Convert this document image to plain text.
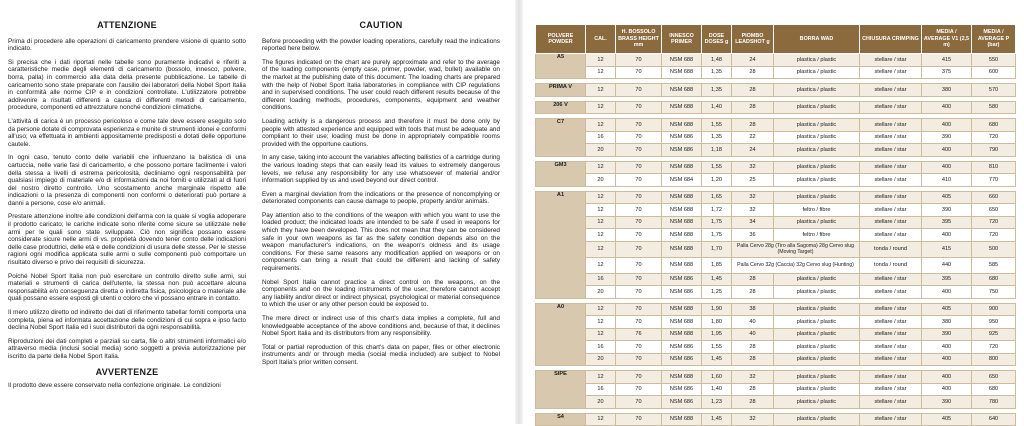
ATTENZIONE

Prima di procedere alle operazioni di caricamento prendere visione di quanto sotto indicato.

Si precisa che i dati riportati nelle tabelle sono puramente indicativi e riferiti a caratteristiche medie degli elementi di caricamento (bossolo, innesco, polvere, borra, palla) in commercio alla data della presente pubblicazione. Le tabelle di caricamento sono state preparate con l'ausilio dei laboratori della Nobel Sport Italia in conformità alle norme CIP e in condizioni controllate. L'utilizzatore potrebbe addivenire a risultati differenti a causa di differenti metodi di caricamento, procedure, componenti ed attrezzature nonché condizioni climatiche.

L'attività di carica è un processo pericoloso e come tale deve essere eseguito solo da persone dotate di comprovata esperienza e munite di strumenti idonei e conformi all'uso; va effettuata in ambienti appositamente predisposti e dotati delle opportune cautele.

In ogni caso, tenuto conto delle variabili che influenzano la balistica di una cartuccia, nelle varie fasi di caricamento, e che possono portare facilmente i valori della stessa a livelli di estrema pericolosità, decliniamo ogni responsabilità per qualsiasi impiego di materiale e/o di informazioni da noi forniti e utilizzati al di fuori del nostro diretto controllo. Uno scostamento anche marginale rispetto alle indicazioni o la presenza di componenti non conformi o deteriorati può portare a danni a persone, cose e/o animali.

Prestare attenzione inoltre alle condizioni dell'arma con la quale si voglia adoperare il prodotto caricato; le cariche indicate sono riferite come sicure se utilizzate nelle armi per le quali sono state sviluppate. Ciò non significa possano essere considerate sicure nelle armi di vs. proprietà dovendo tener conto delle indicazioni delle case produttrici, delle età e delle condizioni di usura delle stesse. Per le stesse ragioni ogni modifica applicata sulle armi o sulle componenti può comportare un risultato diverso e privo dei requisiti di sicurezza.

Poiché Nobel Sport Italia non può esercitare un controllo diretto sulle armi, sui materiali e strumenti di carica dell'utente, la stessa non può accettare alcuna responsabilità e/o conseguenza diretta o indiretta fisica, psicologica o materiale alle quali possano essere esposti gli utenti o coloro che vi possano entrare in contatto.

Il mero utilizzo diretto od indiretto dei dati di riferimento tabellar forniti comporta una completa, piena ed informata accettazione delle condizioni di cui sopra e ipso facto declina Nobel Sport Italia ed i suoi distributori da ogni responsabilità.

Riproduzioni dei dati completi e parziali su carta, file o altri strumenti informatici e/o attraverso media (inclusi social media) sono soggetti a previa autorizzazione per iscritto da parte della Nobel Sport Italia.

AVVERTENZE

Il prodotto deve essere conservato nella confezione originale. Le condizioni

CAUTION

Before proceeding with the powder loading operations, carefully read the indications reported here below.

The figures indicated on the chart are purely approximate and refer to the average of the loading components (empty case, primer, powder, wad, bullet) available on the market at the publishing date of this document. The loading charts are prepared with the help of Nobel Sport Italia laboratories in compliance with CIP regulations and in supervised conditions. The user could reach different results because of the different loading methods, procedures, components, equipment and weather conditions.

Loading activity is a dangerous process and therefore it must be done only by people with attested experience and equipped with tools that must be adequate and compliant to their use; loading must be done in appropriately compatible rooms provided with the opportune cautions.

In any case, taking into account the variables affecting ballistics of a cartridge during the various loading steps that can easily lead its values to extremely dangerous levels, we refuse any responsibility for any use whatsoever of material and/or information supplied by us and used beyond our direct control.

Even a marginal deviation from the indications or the presence of noncomplying or deteriorated components can cause damage to people, property and/or animals.

Pay attention also to the conditions of the weapon with which you want to use the loaded product; the indicated loads are intended to be safe if used in weapons for which they have been developed. This does not mean that they can be considered safe in your own weapons as far as the safety condition depends also on the weapon manufacturer's indications, on the weapon's oldness and its usage conditions. For these same reasons any modification applied on weapons or on components can bring a result that could be different and lacking of safety requirements.

Nobel Sport Italia cannot practice a direct control on the weapons, on the components and on the loading instruments of the user, therefore cannot accept any liability and/or direct or indirect physical, psychological or material consequence to which the user or any other person could be exposed to.

The mere direct or indirect use of this chart's data implies a complete, full and knowledgeable acceptance of the above conditions and, because of that, it declines Nobel Sport Italia and its distributors from any responsibility.

Total or partial reproduction of this chart's data on paper, files or other electronic instruments and/ or through media (social media included) are subject to Nobel Sport Italia's prior written consent.

POLVERE POWDER	CAL.	H. BOSSOLO BRASS HEIGHT mm	INNESCO PRIMER	DOSE DOSES g	PIOMBO LEADSHOT g	BORRA WAD	CHIUSURA CRIMPING	MEDIA / AVERAGE V1 (2,5 m)	MEDIA / AVERAGE P (bar)
A5	12	70	NSM 688	1,48	24	plastica / plastic	stellare / star	415	550
	12	70	NSM 688	1,35	28	plastica / plastic	stellare / star	375	600

PRIMA V	12	70	NSM 688	1,35	28	plastica / plastic	stellare / star	380	570

206 V	12	70	NSM 688	1,40	28	plastica / plastic	stellare / star	400	580

C7	12	70	NSM 688	1,55	28	plastica / plastic	stellare / star	400	680
	16	70	NSM 686	1,35	22	plastica / plastic	stellare / star	390	720
	20	70	NSM 686	1,18	24	plastica / plastic	stellare / star	400	790

GM3	12	70	NSM 688	1,55	32	plastica / plastic	stellare / star	400	810
	20	70	NSM 684	1,20	25	plastica / plastic	stellare / star	410	770

A1	12	70	NSM 688	1,65	32	plastica / plastic	stellare / star	405	660
	12	70	NSM 688	1,72	32	feltro / fibre	stellare / star	390	650
	12	70	NSM 688	1,75	34	plastica / plastic	stellare / star	395	720
	12	70	NSM 688	1,75	36	feltro / fibre	stellare / star	400	720
	12	70	NSM 688	1,70	Palla Cervo 28g (Tiro alla Sagoma) 28g Cervo slug (Moving Target)		tonda / round	415	500
	12	70	NSM 688	1,85	Palla Cervo 32g (Caccia) 32g Cervo slug (Hunting)		tonda / round	440	585
	16	70	NSM 686	1,45	28	plastica / plastic	stellare / star	395	680
	20	70	NSM 686	1,25	28	plastica / plastic	stellare / star	400	750

A0	12	70	NSM 688	1,90	38	plastica / plastic	stellare / star	405	900
	12	70	NSM 688	1,80	40	plastica / plastic	stellare / star	380	950
	12	76	NSM 688	1,95	40	plastica / plastic	stellare / star	390	925
	16	70	NSM 686	1,55	28	plastica / plastic	stellare / star	400	720
	20	70	NSM 686	1,45	28	plastica / plastic	stellare / star	400	800

SIPE	12	70	NSM 688	1,60	32	plastica / plastic	stellare / star	400	650
	16	70	NSM 686	1,40	28	plastica / plastic	stellare / star	400	680
	20	70	NSM 686	1,23	28	plastica / plastic	stellare / star	390	780

S4	12	70	NSM 688	1,45	32	plastica / plastic	stellare / star	405	640
